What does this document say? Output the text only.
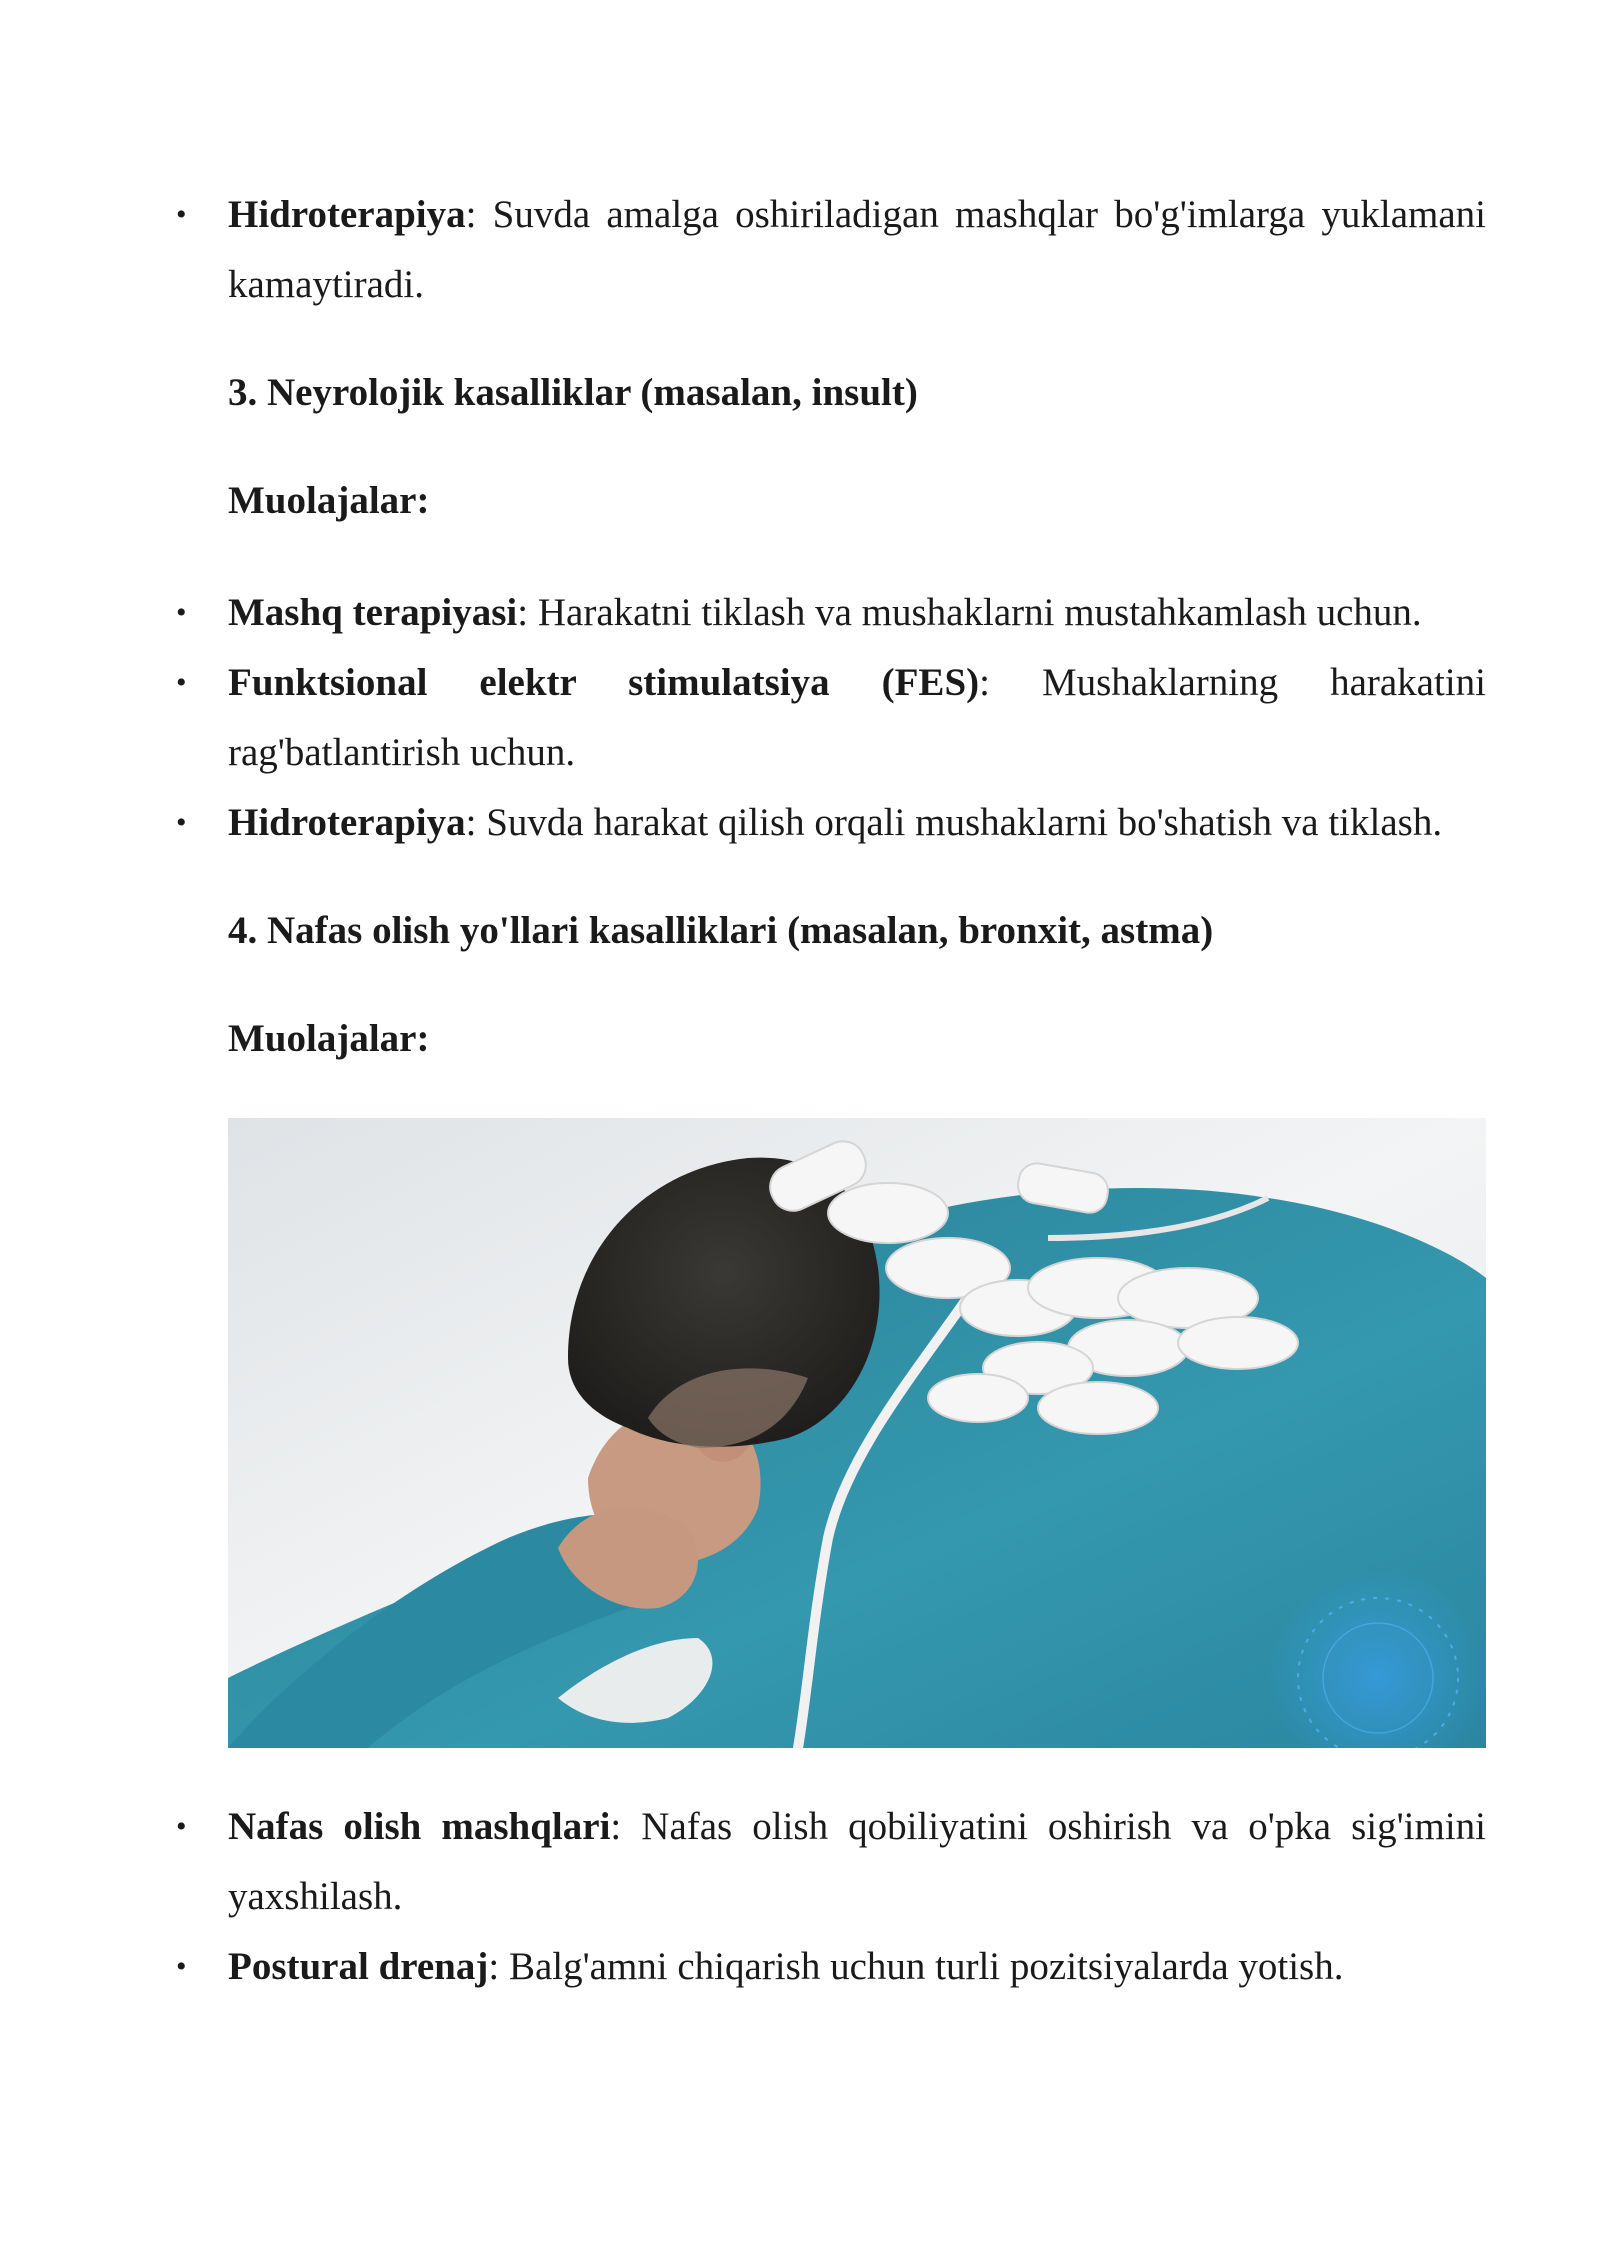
• Hidroterapiya: Suvda amalga oshiriladigan mashqlar bo'g'imlarga yuklamani kamaytiradi.

3. Neyrolojik kasalliklar (masalan, insult)

Muolajalar:

• Mashq terapiyasi: Harakatni tiklash va mushaklarni mustahkamlash uchun.

• Funktsional elektr stimulatsiya (FES): Mushaklarning harakatini rag'batlantirish uchun.

• Hidroterapiya: Suvda harakat qilish orqali mushaklarni bo'shatish va tiklash.

4. Nafas olish yo'llari kasalliklari (masalan, bronxit, astma)

Muolajalar:

• Nafas olish mashqlari: Nafas olish qobiliyatini oshirish va o'pka sig'imini yaxshilash.

• Postural drenaj: Balg'amni chiqarish uchun turli pozitsiyalarda yotish.
